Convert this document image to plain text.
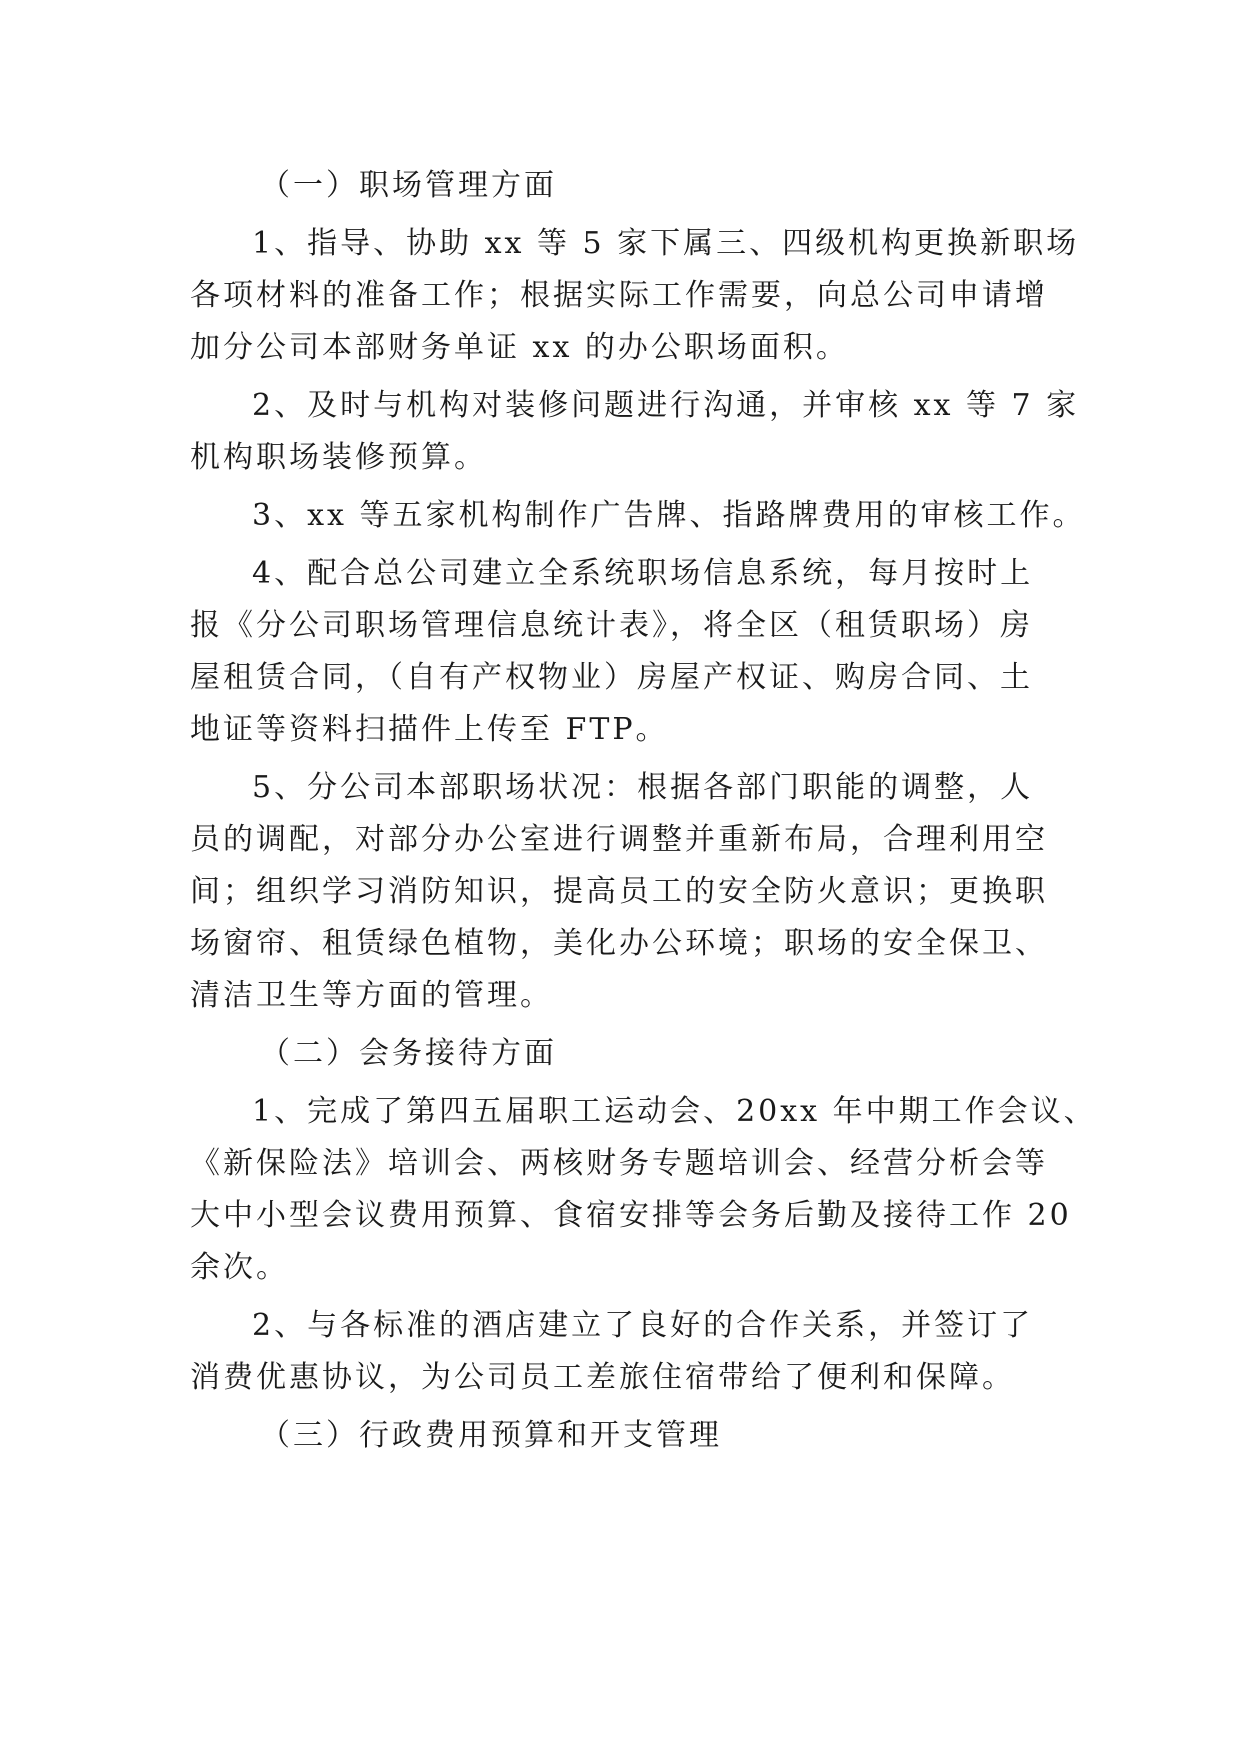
（一）职场管理方面
1、指导、协助 xx 等 5 家下属三、四级机构更换新职场
各项材料的准备工作；根据实际工作需要，向总公司申请增
加分公司本部财务单证 xx 的办公职场面积。
2、及时与机构对装修问题进行沟通，并审核 xx 等 7 家
机构职场装修预算。
3、xx 等五家机构制作广告牌、指路牌费用的审核工作。
4、配合总公司建立全系统职场信息系统，每月按时上
报《分公司职场管理信息统计表》，将全区（租赁职场）房
屋租赁合同，（自有产权物业）房屋产权证、购房合同、土
地证等资料扫描件上传至 FTP。
5、分公司本部职场状况：根据各部门职能的调整，人
员的调配，对部分办公室进行调整并重新布局，合理利用空
间；组织学习消防知识，提高员工的安全防火意识；更换职
场窗帘、租赁绿色植物，美化办公环境；职场的安全保卫、
清洁卫生等方面的管理。
（二）会务接待方面
1、完成了第四五届职工运动会、20xx 年中期工作会议、
《新保险法》培训会、两核财务专题培训会、经营分析会等
大中小型会议费用预算、食宿安排等会务后勤及接待工作 20
余次。
2、与各标准的酒店建立了良好的合作关系，并签订了
消费优惠协议，为公司员工差旅住宿带给了便利和保障。
（三）行政费用预算和开支管理
